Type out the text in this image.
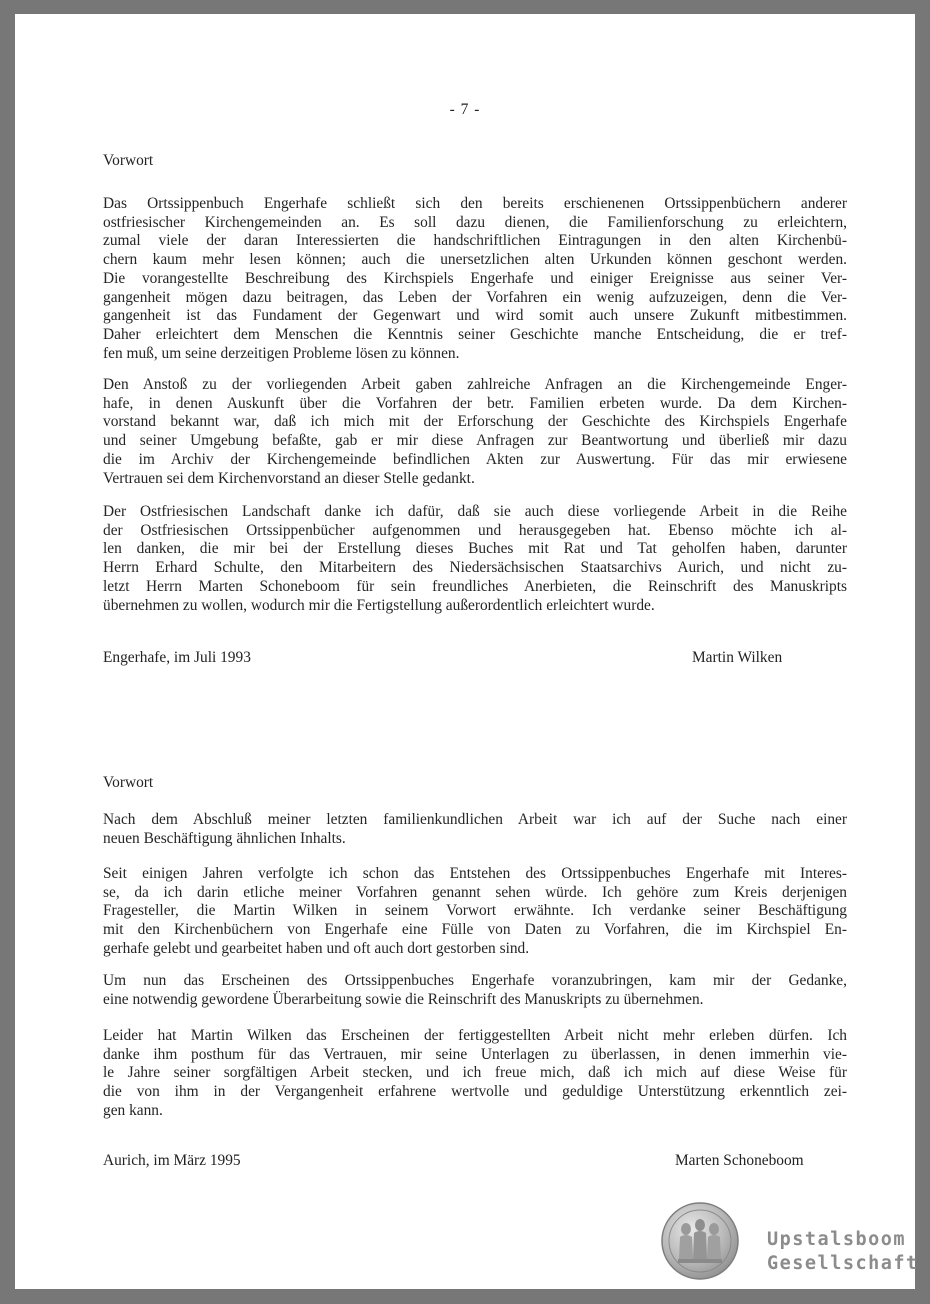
- 7 -
Vorwort

Das Ortssippenbuch Engerhafe schließt sich den bereits erschienenen Ortssippenbüchern anderer
ostfriesischer Kirchengemeinden an. Es soll dazu dienen, die Familienforschung zu erleichtern,
zumal viele der daran Interessierten die handschriftlichen Eintragungen in den alten Kirchenbü-
chern kaum mehr lesen können; auch die unersetzlichen alten Urkunden können geschont werden.
Die vorangestellte Beschreibung des Kirchspiels Engerhafe und einiger Ereignisse aus seiner Ver-
gangenheit mögen dazu beitragen, das Leben der Vorfahren ein wenig aufzuzeigen, denn die Ver-
gangenheit ist das Fundament der Gegenwart und wird somit auch unsere Zukunft mitbestimmen.
Daher erleichtert dem Menschen die Kenntnis seiner Geschichte manche Entscheidung, die er tref-
fen muß, um seine derzeitigen Probleme lösen zu können.

Den Anstoß zu der vorliegenden Arbeit gaben zahlreiche Anfragen an die Kirchengemeinde Enger-
hafe, in denen Auskunft über die Vorfahren der betr. Familien erbeten wurde. Da dem Kirchen-
vorstand bekannt war, daß ich mich mit der Erforschung der Geschichte des Kirchspiels Engerhafe
und seiner Umgebung befaßte, gab er mir diese Anfragen zur Beantwortung und überließ mir dazu
die im Archiv der Kirchengemeinde befindlichen Akten zur Auswertung. Für das mir erwiesene
Vertrauen sei dem Kirchenvorstand an dieser Stelle gedankt.

Der Ostfriesischen Landschaft danke ich dafür, daß sie auch diese vorliegende Arbeit in die Reihe
der Ostfriesischen Ortssippenbücher aufgenommen und herausgegeben hat. Ebenso möchte ich al-
len danken, die mir bei der Erstellung dieses Buches mit Rat und Tat geholfen haben, darunter
Herrn Erhard Schulte, den Mitarbeitern des Niedersächsischen Staatsarchivs Aurich, und nicht zu-
letzt Herrn Marten Schoneboom für sein freundliches Anerbieten, die Reinschrift des Manuskripts
übernehmen zu wollen, wodurch mir die Fertigstellung außerordentlich erleichtert wurde.

Engerhafe, im Juli 1993	Martin Wilken
Vorwort

Nach dem Abschluß meiner letzten familienkundlichen Arbeit war ich auf der Suche nach einer
neuen Beschäftigung ähnlichen Inhalts.

Seit einigen Jahren verfolgte ich schon das Entstehen des Ortssippenbuches Engerhafe mit Interes-
se, da ich darin etliche meiner Vorfahren genannt sehen würde. Ich gehöre zum Kreis derjenigen
Fragesteller, die Martin Wilken in seinem Vorwort erwähnte. Ich verdanke seiner Beschäftigung
mit den Kirchenbüchern von Engerhafe eine Fülle von Daten zu Vorfahren, die im Kirchspiel En-
gerhafe gelebt und gearbeitet haben und oft auch dort gestorben sind.

Um nun das Erscheinen des Ortssippenbuches Engerhafe voranzubringen, kam mir der Gedanke,
eine notwendig gewordene Überarbeitung sowie die Reinschrift des Manuskripts zu übernehmen.

Leider hat Martin Wilken das Erscheinen der fertiggestellten Arbeit nicht mehr erleben dürfen. Ich
danke ihm posthum für das Vertrauen, mir seine Unterlagen zu überlassen, in denen immerhin vie-
le Jahre seiner sorgfältigen Arbeit stecken, und ich freue mich, daß ich mich auf diese Weise für
die von ihm in der Vergangenheit erfahrene wertvolle und geduldige Unterstützung erkenntlich zei-
gen kann.

Aurich, im März 1995	Marten Schoneboom
Upstalsboom
Gesellschaft
